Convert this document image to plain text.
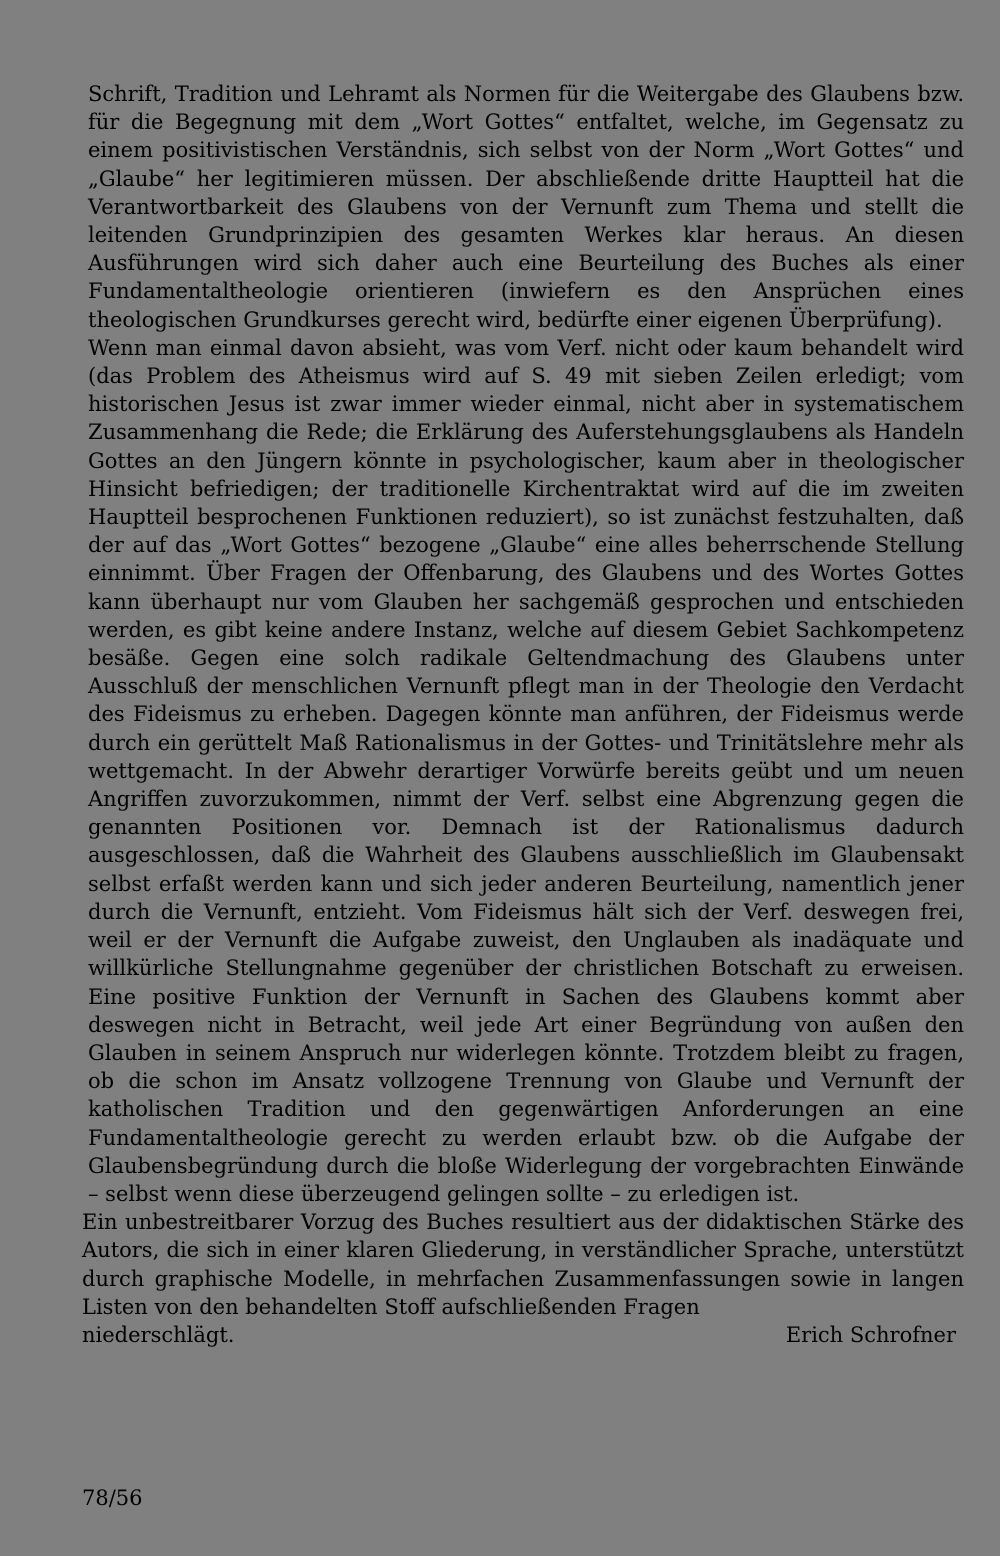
Schrift, Tradition und Lehramt als Normen für die Weitergabe des Glaubens bzw. für die Begegnung mit dem „Wort Gottes“ entfaltet, welche, im Gegensatz zu einem positivistischen Verständnis, sich selbst von der Norm „Wort Gottes“ und „Glaube“ her legitimieren müssen. Der abschließende dritte Hauptteil hat die Verantwortbarkeit des Glaubens von der Vernunft zum Thema und stellt die leitenden Grundprinzipien des gesamten Werkes klar heraus. An diesen Ausführungen wird sich daher auch eine Beurteilung des Buches als einer Fundamentaltheologie orientieren (inwiefern es den Ansprüchen eines theologischen Grundkurses gerecht wird, bedürfte einer eigenen Überprüfung).

Wenn man einmal davon absieht, was vom Verf. nicht oder kaum behandelt wird (das Problem des Atheismus wird auf S. 49 mit sieben Zeilen erledigt; vom historischen Jesus ist zwar immer wieder einmal, nicht aber in systematischem Zusammenhang die Rede; die Erklärung des Auferstehungsglaubens als Handeln Gottes an den Jüngern könnte in psychologischer, kaum aber in theologischer Hinsicht befriedigen; der traditionelle Kirchentraktat wird auf die im zweiten Hauptteil besprochenen Funktionen reduziert), so ist zunächst festzuhalten, daß der auf das „Wort Gottes“ bezogene „Glaube“ eine alles beherrschende Stellung einnimmt. Über Fragen der Offenbarung, des Glaubens und des Wortes Gottes kann überhaupt nur vom Glauben her sachgemäß gesprochen und entschieden werden, es gibt keine andere Instanz, welche auf diesem Gebiet Sachkompetenz besäße. Gegen eine solch radikale Geltendmachung des Glaubens unter Ausschluß der menschlichen Vernunft pflegt man in der Theologie den Verdacht des Fideismus zu erheben. Dagegen könnte man anführen, der Fideismus werde durch ein gerüttelt Maß Rationalismus in der Gottes- und Trinitätslehre mehr als wettgemacht. In der Abwehr derartiger Vorwürfe bereits geübt und um neuen Angriffen zuvorzukommen, nimmt der Verf. selbst eine Abgrenzung gegen die genannten Positionen vor. Demnach ist der Rationalismus dadurch ausgeschlossen, daß die Wahrheit des Glaubens ausschließlich im Glaubensakt selbst erfaßt werden kann und sich jeder anderen Beurteilung, namentlich jener durch die Vernunft, entzieht. Vom Fideismus hält sich der Verf. deswegen frei, weil er der Vernunft die Aufgabe zuweist, den Unglauben als inadäquate und willkürliche Stellungnahme gegenüber der christlichen Botschaft zu erweisen. Eine positive Funktion der Vernunft in Sachen des Glaubens kommt aber deswegen nicht in Betracht, weil jede Art einer Begründung von außen den Glauben in seinem Anspruch nur widerlegen könnte. Trotzdem bleibt zu fragen, ob die schon im Ansatz vollzogene Trennung von Glaube und Vernunft der katholischen Tradition und den gegenwärtigen Anforderungen an eine Fundamentaltheologie gerecht zu werden erlaubt bzw. ob die Aufgabe der Glaubensbegründung durch die bloße Widerlegung der vorgebrachten Einwände – selbst wenn diese überzeugend gelingen sollte – zu erledigen ist.

Ein unbestreitbarer Vorzug des Buches resultiert aus der didaktischen Stärke des Autors, die sich in einer klaren Gliederung, in verständlicher Sprache, unterstützt durch graphische Modelle, in mehrfachen Zusammenfassungen sowie in langen Listen von den behandelten Stoff aufschließenden Fragen

niederschlägt.	Erich Schrofner
78/56
